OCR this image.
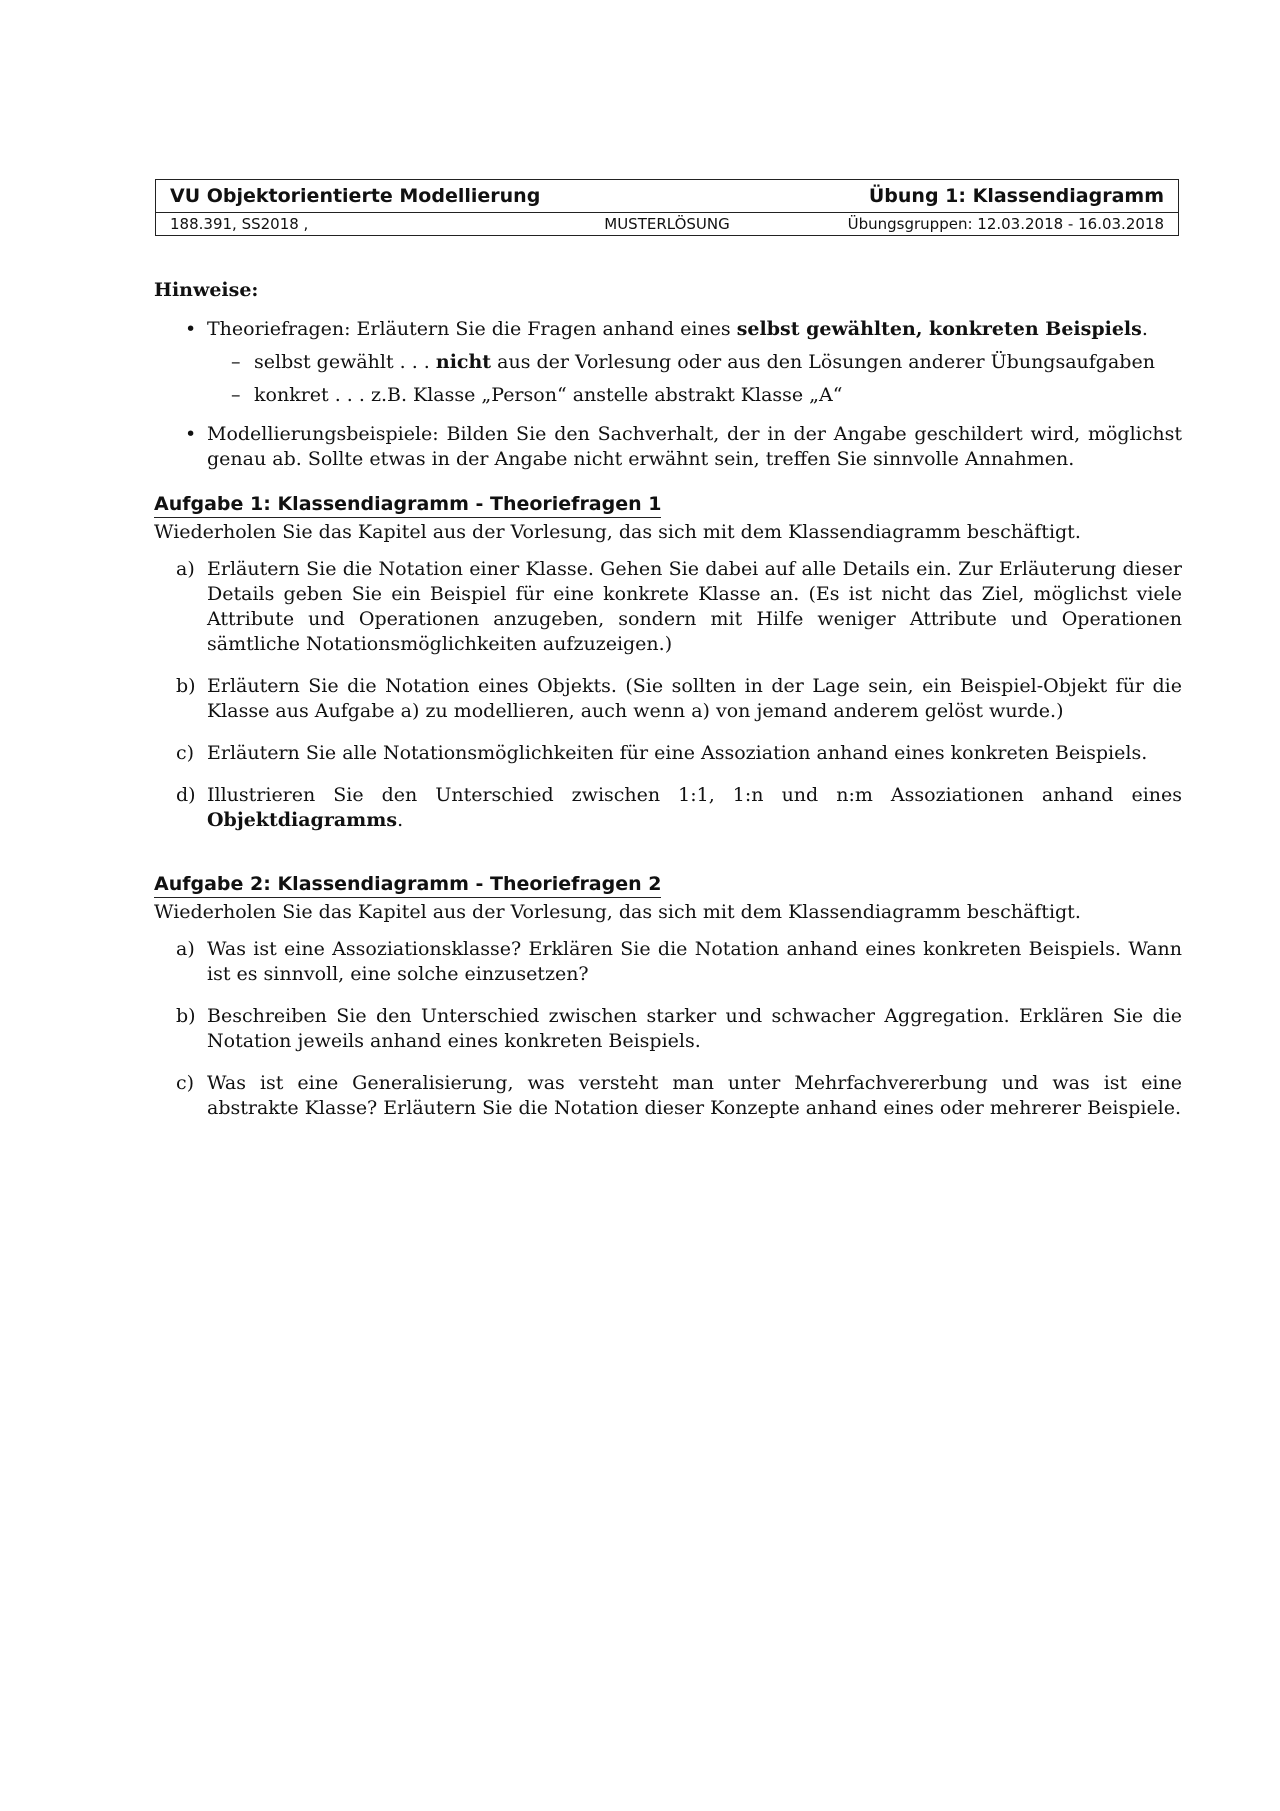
VU Objektorientierte Modellierung	Übung 1: Klassendiagramm
188.391, SS2018 ,	MUSTERLÖSUNG	Übungsgruppen: 12.03.2018 - 16.03.2018
Hinweise:
• Theoriefragen: Erläutern Sie die Fragen anhand eines selbst gewählten, konkreten Beispiels.
– selbst gewählt . . . nicht aus der Vorlesung oder aus den Lösungen anderer Übungsaufgaben
– konkret . . . z.B. Klasse „Person“ anstelle abstrakt Klasse „A“
• Modellierungsbeispiele: Bilden Sie den Sachverhalt, der in der Angabe geschildert wird, möglichst genau ab. Sollte etwas in der Angabe nicht erwähnt sein, treffen Sie sinnvolle Annahmen.
Aufgabe 1: Klassendiagramm - Theoriefragen 1
Wiederholen Sie das Kapitel aus der Vorlesung, das sich mit dem Klassendiagramm beschäftigt.
a) Erläutern Sie die Notation einer Klasse. Gehen Sie dabei auf alle Details ein. Zur Erläuterung dieser Details geben Sie ein Beispiel für eine konkrete Klasse an. (Es ist nicht das Ziel, möglichst viele Attribute und Operationen anzugeben, sondern mit Hilfe weniger Attribute und Operationen sämtliche Notationsmöglichkeiten aufzuzeigen.)
b) Erläutern Sie die Notation eines Objekts. (Sie sollten in der Lage sein, ein Beispiel-Objekt für die Klasse aus Aufgabe a) zu modellieren, auch wenn a) von jemand anderem gelöst wurde.)
c) Erläutern Sie alle Notationsmöglichkeiten für eine Assoziation anhand eines konkreten Beispiels.
d) Illustrieren Sie den Unterschied zwischen 1:1, 1:n und n:m Assoziationen anhand eines Objektdiagramms.
Aufgabe 2: Klassendiagramm - Theoriefragen 2
Wiederholen Sie das Kapitel aus der Vorlesung, das sich mit dem Klassendiagramm beschäftigt.
a) Was ist eine Assoziationsklasse? Erklären Sie die Notation anhand eines konkreten Beispiels. Wann ist es sinnvoll, eine solche einzusetzen?
b) Beschreiben Sie den Unterschied zwischen starker und schwacher Aggregation. Erklären Sie die Notation jeweils anhand eines konkreten Beispiels.
c) Was ist eine Generalisierung, was versteht man unter Mehrfachvererbung und was ist eine abstrakte Klasse? Erläutern Sie die Notation dieser Konzepte anhand eines oder mehrerer Beispiele.
